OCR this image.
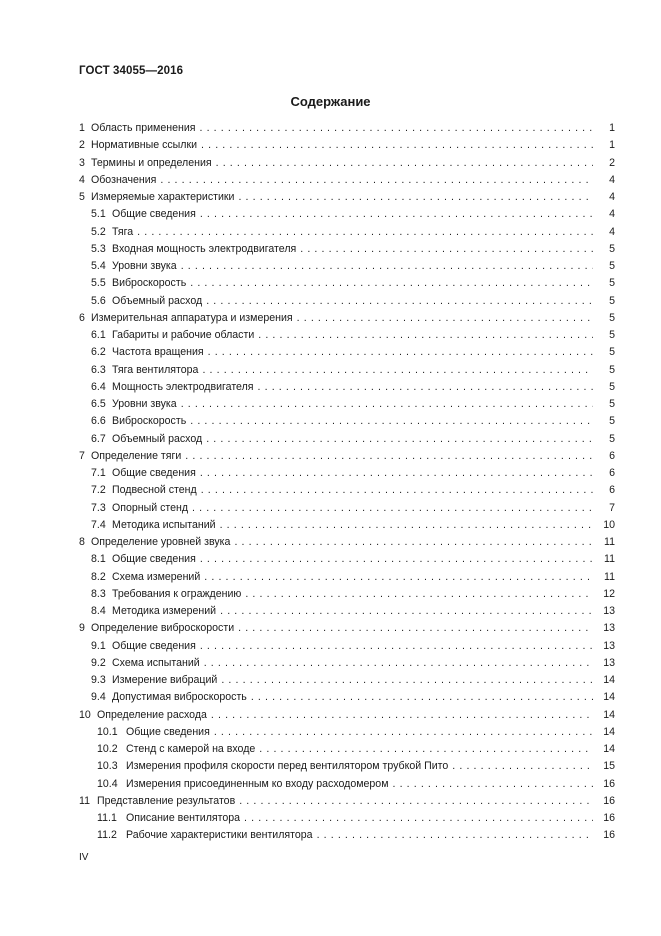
ГОСТ 34055—2016
Содержание
1 Область применения . . .	1
2 Нормативные ссылки . . .	1
3 Термины и определения . . .	2
4 Обозначения . . .	4
5 Измеряемые характеристики . . .	4
5.1 Общие сведения . . .	4
5.2 Тяга . . .	4
5.3 Входная мощность электродвигателя . . .	5
5.4 Уровни звука . . .	5
5.5 Виброскорость . . .	5
5.6 Объемный расход . . .	5
6 Измерительная аппаратура и измерения . . .	5
6.1 Габариты и рабочие области . . .	5
6.2 Частота вращения . . .	5
6.3 Тяга вентилятора . . .	5
6.4 Мощность электродвигателя . . .	5
6.5 Уровни звука . . .	5
6.6 Виброскорость . . .	5
6.7 Объемный расход . . .	5
7 Определение тяги . . .	6
7.1 Общие сведения . . .	6
7.2 Подвесной стенд . . .	6
7.3 Опорный стенд . . .	7
7.4 Методика испытаний . . .	10
8 Определение уровней звука . . .	11
8.1 Общие сведения . . .	11
8.2 Схема измерений . . .	11
8.3 Требования к ограждению . . .	12
8.4 Методика измерений . . .	13
9 Определение виброскорости . . .	13
9.1 Общие сведения . . .	13
9.2 Схема испытаний . . .	13
9.3 Измерение вибраций . . .	14
9.4 Допустимая виброскорость . . .	14
10 Определение расхода . . .	14
10.1 Общие сведения . . .	14
10.2 Стенд с камерой на входе . . .	14
10.3 Измерения профиля скорости перед вентилятором трубкой Пито . . .	15
10.4 Измерения присоединенным ко входу расходомером . . .	16
11 Представление результатов . . .	16
11.1 Описание вентилятора . . .	16
11.2 Рабочие характеристики вентилятора . . .	16
IV
